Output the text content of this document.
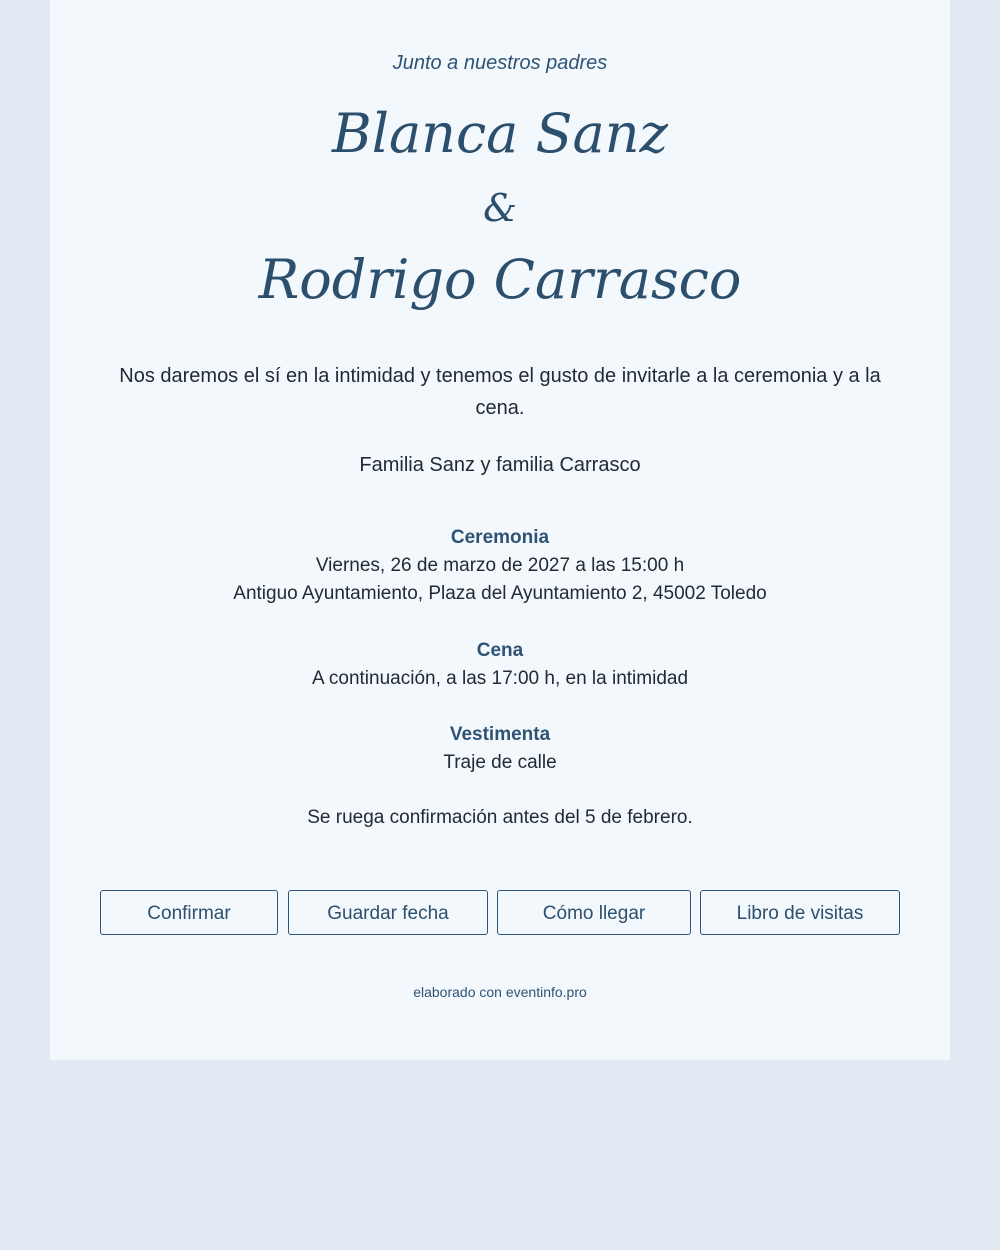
Junto a nuestros padres
Blanca Sanz
&
Rodrigo Carrasco
Nos daremos el sí en la intimidad y tenemos el gusto de invitarle a la ceremonia y a la cena.
Familia Sanz y familia Carrasco
Ceremonia
Viernes, 26 de marzo de 2027 a las 15:00 h
Antiguo Ayuntamiento, Plaza del Ayuntamiento 2, 45002 Toledo
Cena
A continuación, a las 17:00 h, en la intimidad
Vestimenta
Traje de calle
Se ruega confirmación antes del 5 de febrero.
Confirmar	Guardar fecha	Cómo llegar	Libro de visitas
elaborado con eventinfo.pro
